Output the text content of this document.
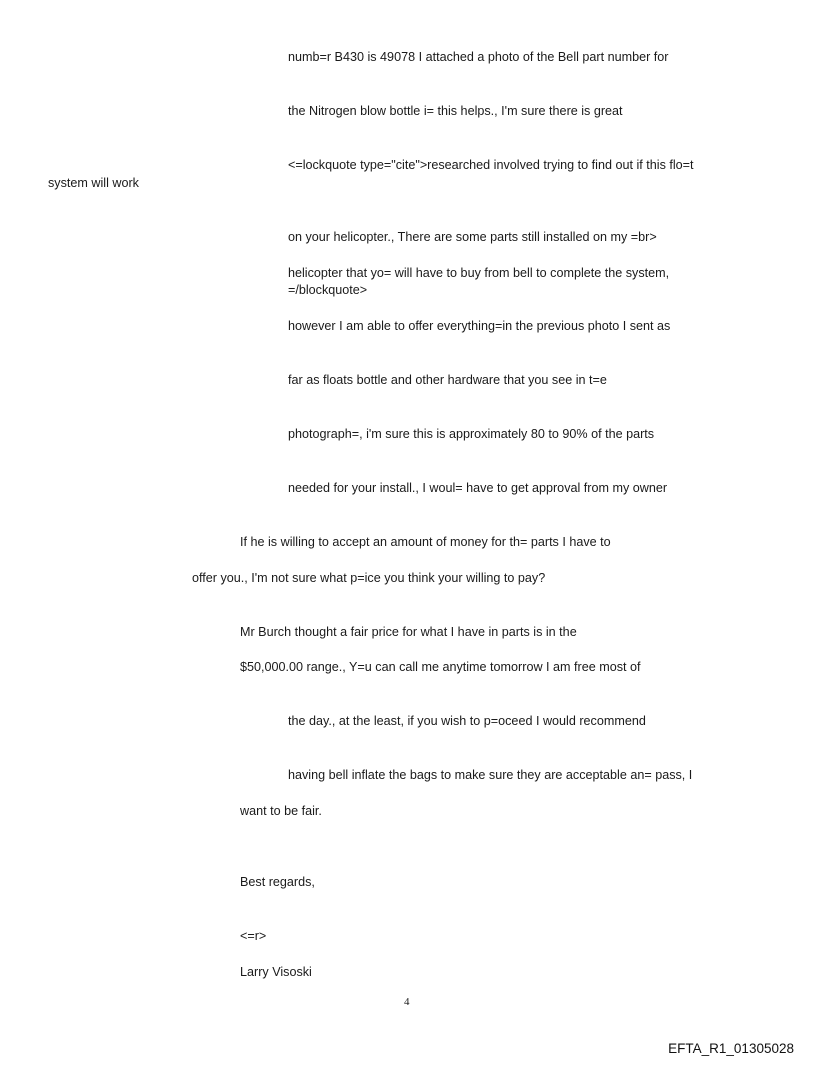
numb=r B430 is 49078 I attached a photo of the Bell part number for
the Nitrogen blow bottle i= this helps., I'm sure there is great
<=lockquote type="cite">researched involved trying to find out if this flo=t
system will work
on your helicopter., There are some parts still installed on my =br>
helicopter that yo= will have to buy from bell to complete the system,
=/blockquote>
however I am able to offer everything=in the previous photo I sent as
far as floats bottle and other hardware that you see in t=e
photograph=, i'm sure this is approximately 80 to 90% of the parts
needed for your install., I woul= have to get approval from my owner
If he is willing to accept an amount of money for th= parts I have to
offer you., I'm not sure what p=ice you think your willing to pay?
Mr Burch thought a fair price for what I have in parts is in the
$50,000.00 range., Y=u can call me anytime tomorrow I am free most of
the day., at the least, if you wish to p=oceed I would recommend
having bell inflate the bags to make sure they are acceptable an= pass, I
want to be fair.
Best regards,
<=r>
Larry Visoski
4
EFTA_R1_01305028
